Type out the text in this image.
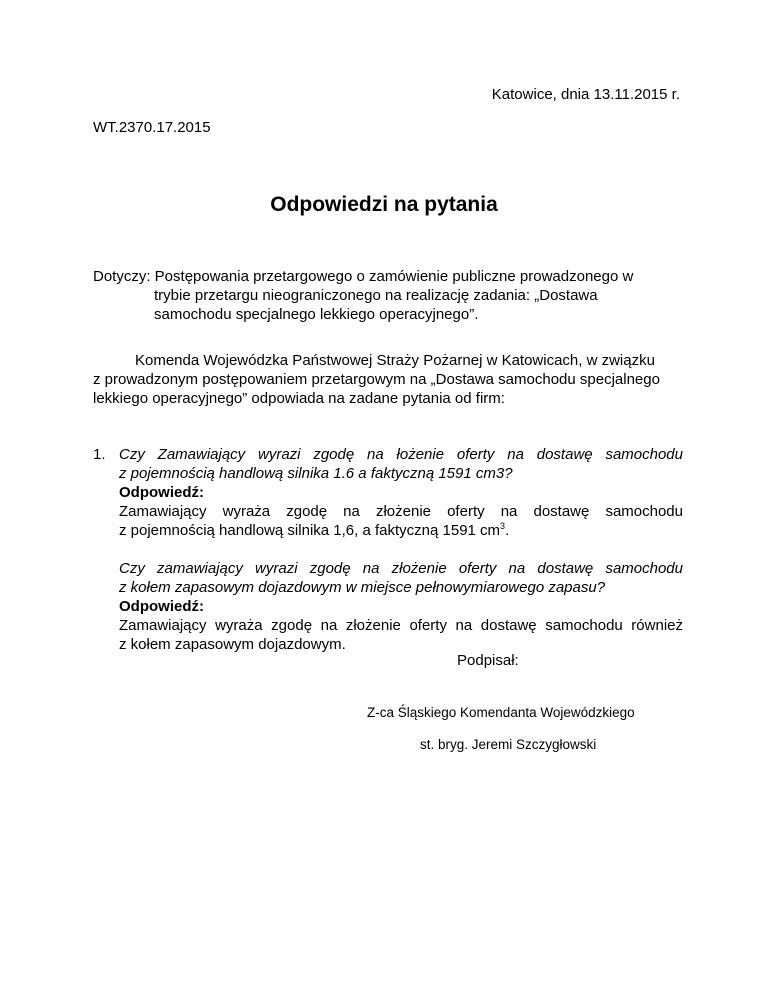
Katowice, dnia 13.11.2015 r.
WT.2370.17.2015
Odpowiedzi na pytania
Dotyczy: Postępowania przetargowego o zamówienie publiczne prowadzonego w
trybie przetargu nieograniczonego na realizację zadania: „Dostawa
samochodu specjalnego lekkiego operacyjnego”.
Komenda Wojewódzka Państwowej Straży Pożarnej w Katowicach, w związku
z prowadzonym postępowaniem przetargowym na „Dostawa samochodu specjalnego
lekkiego operacyjnego” odpowiada na zadane pytania od firm:
1. Czy Zamawiający wyrazi zgodę na łożenie oferty na dostawę samochodu
z pojemnością handlową silnika 1.6 a faktyczną 1591 cm3?
Odpowiedź:
Zamawiający wyraża zgodę na złożenie oferty na dostawę samochodu
z pojemnością handlową silnika 1,6, a faktyczną 1591 $cm^3$.
Czy zamawiający wyrazi zgodę na złożenie oferty na dostawę samochodu
z kołem zapasowym dojazdowym w miejsce pełnowymiarowego zapasu?
Odpowiedź:
Zamawiający wyraża zgodę na złożenie oferty na dostawę samochodu również
z kołem zapasowym dojazdowym.
Podpisał:
Z-ca Śląskiego Komendanta Wojewódzkiego
st. bryg. Jeremi Szczygłowski
